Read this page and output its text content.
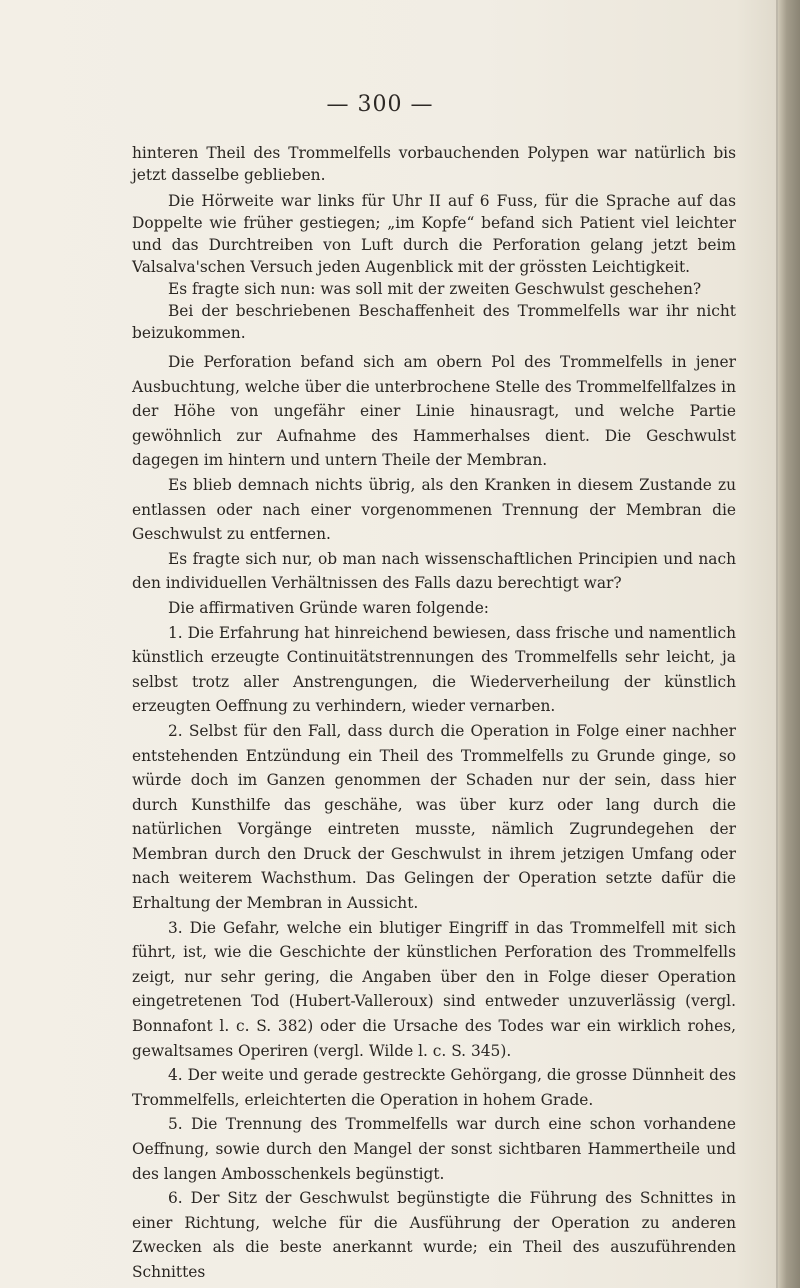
— 300 —

hinteren Theil des Trommelfells vorbauchenden Polypen war natürlich bis jetzt dasselbe geblieben.

Die Hörweite war links für Uhr II auf 6 Fuss, für die Sprache auf das Doppelte wie früher gestiegen; „im Kopfe“ befand sich Patient viel leichter und das Durchtreiben von Luft durch die Perforation gelang jetzt beim Valsalva'schen Versuch jeden Augenblick mit der grössten Leichtigkeit.

Es fragte sich nun: was soll mit der zweiten Geschwulst geschehen?

Bei der beschriebenen Beschaffenheit des Trommelfells war ihr nicht beizukommen.

Die Perforation befand sich am obern Pol des Trommelfells in jener Ausbuchtung, welche über die unterbrochene Stelle des Trommelfellfalzes in der Höhe von ungefähr einer Linie hinausragt, und welche Partie gewöhnlich zur Aufnahme des Hammerhalses dient. Die Geschwulst dagegen im hintern und untern Theile der Membran.

Es blieb demnach nichts übrig, als den Kranken in diesem Zustande zu entlassen oder nach einer vorgenommenen Trennung der Membran die Geschwulst zu entfernen.

Es fragte sich nur, ob man nach wissenschaftlichen Principien und nach den individuellen Verhältnissen des Falls dazu berechtigt war?

Die affirmativen Gründe waren folgende:

1. Die Erfahrung hat hinreichend bewiesen, dass frische und namentlich künstlich erzeugte Continuitätstrennungen des Trommelfells sehr leicht, ja selbst trotz aller Anstrengungen, die Wiederverheilung der künstlich erzeugten Oeffnung zu verhindern, wieder vernarben.

2. Selbst für den Fall, dass durch die Operation in Folge einer nachher entstehenden Entzündung ein Theil des Trommelfells zu Grunde ginge, so würde doch im Ganzen genommen der Schaden nur der sein, dass hier durch Kunsthilfe das geschähe, was über kurz oder lang durch die natürlichen Vorgänge eintreten musste, nämlich Zugrundegehen der Membran durch den Druck der Geschwulst in ihrem jetzigen Umfang oder nach weiterem Wachsthum. Das Gelingen der Operation setzte dafür die Erhaltung der Membran in Aussicht.

3. Die Gefahr, welche ein blutiger Eingriff in das Trommelfell mit sich führt, ist, wie die Geschichte der künstlichen Perforation des Trommelfells zeigt, nur sehr gering, die Angaben über den in Folge dieser Operation eingetretenen Tod (Hubert-Valleroux) sind entweder unzuverlässig (vergl. Bonnafont l. c. S. 382) oder die Ursache des Todes war ein wirklich rohes, gewaltsames Operiren (vergl. Wilde l. c. S. 345).

4. Der weite und gerade gestreckte Gehörgang, die grosse Dünnheit des Trommelfells, erleichterten die Operation in hohem Grade.

5. Die Trennung des Trommelfells war durch eine schon vorhandene Oeffnung, sowie durch den Mangel der sonst sichtbaren Hammertheile und des langen Ambosschenkels begünstigt.

6. Der Sitz der Geschwulst begünstigte die Führung des Schnittes in einer Richtung, welche für die Ausführung der Operation zu anderen Zwecken als die beste anerkannt wurde; ein Theil des auszuführenden Schnittes
